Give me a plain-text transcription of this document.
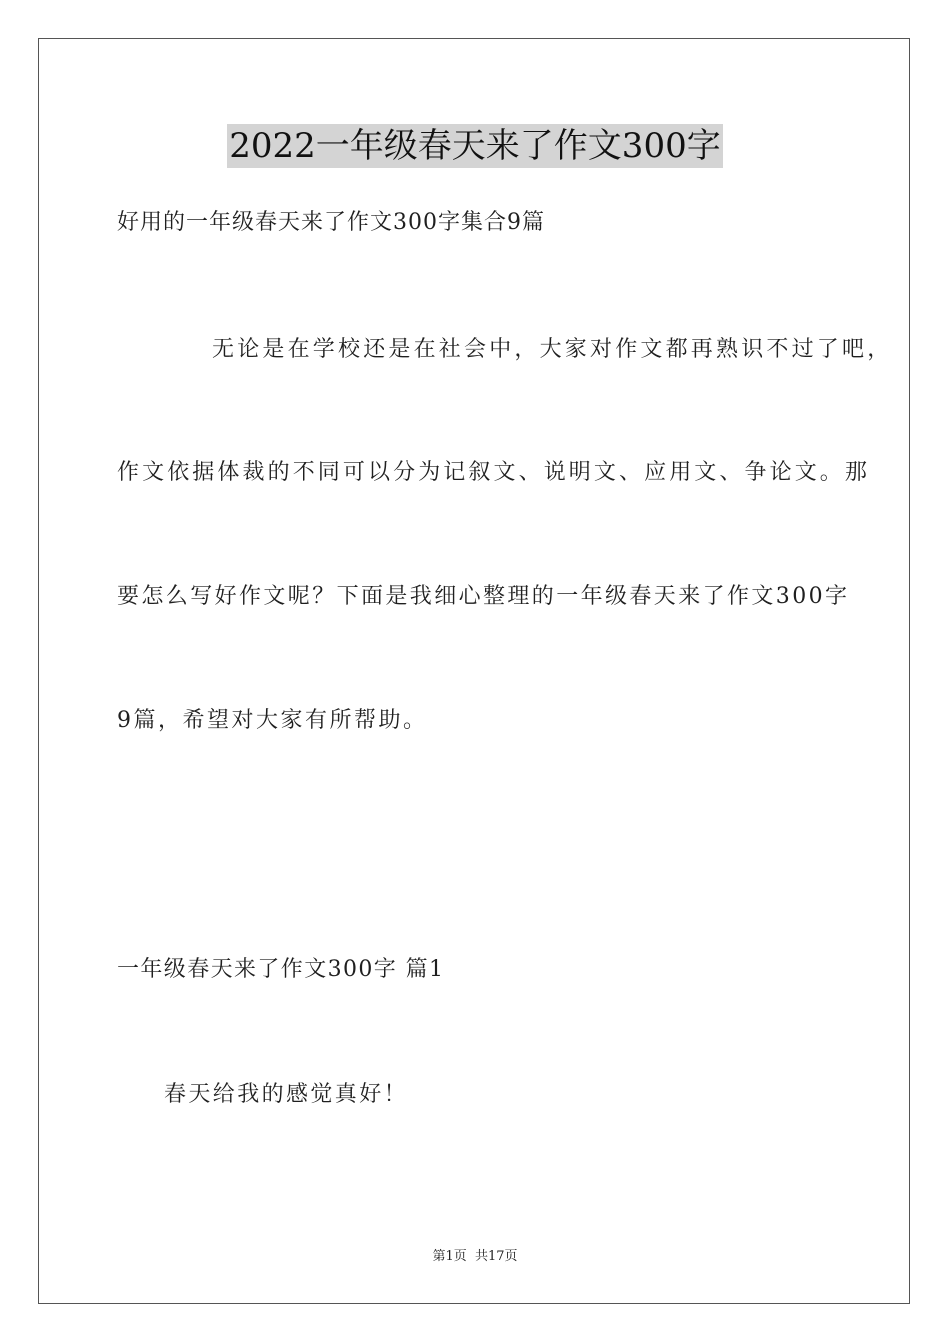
2022一年级春天来了作文300字
好用的一年级春天来了作文300字集合9篇
无论是在学校还是在社会中，大家对作文都再熟识不过了吧，
作文依据体裁的不同可以分为记叙文、说明文、应用文、争论文。那
要怎么写好作文呢？下面是我细心整理的一年级春天来了作文300字
9篇，希望对大家有所帮助。
一年级春天来了作文300字 篇1
春天给我的感觉真好！
第1页  共17页
